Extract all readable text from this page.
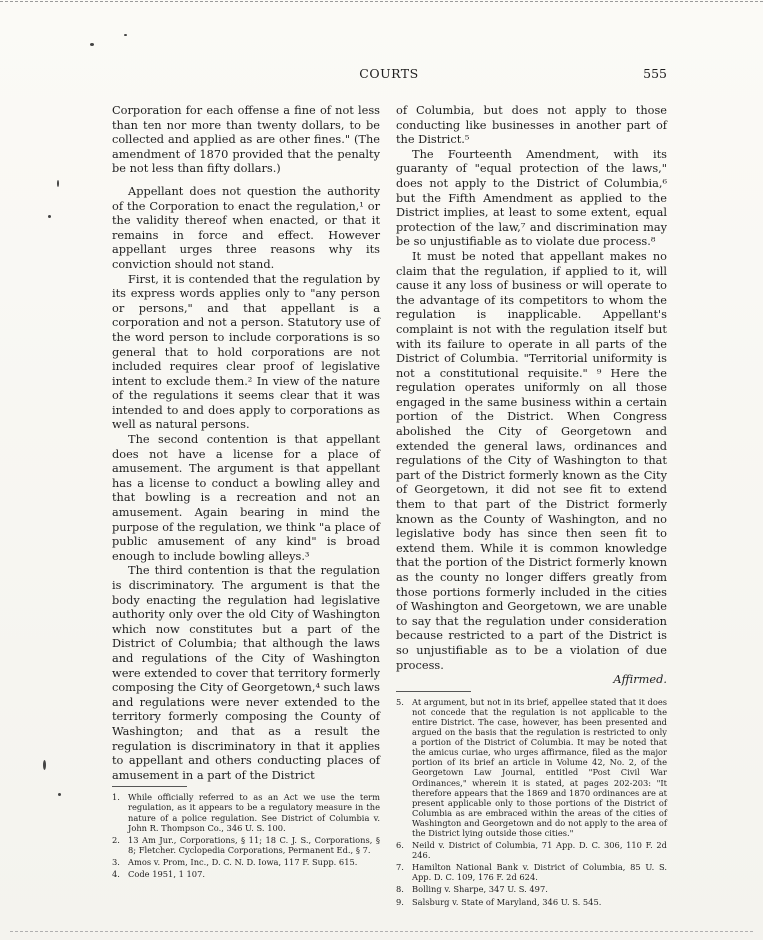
COURTS	555

Corporation for each offense a fine of not less than ten nor more than twenty dollars, to be collected and applied as are other fines." (The amendment of 1870 provided that the penalty be not less than fifty dollars.)

Appellant does not question the authority of the Corporation to enact the regulation,¹ or the validity thereof when enacted, or that it remains in force and effect. However appellant urges three reasons why its conviction should not stand.

First, it is contended that the regulation by its express words applies only to "any person or persons," and that appellant is a corporation and not a person. Statutory use of the word person to include corporations is so general that to hold corporations are not included requires clear proof of legislative intent to exclude them.² In view of the nature of the regulations it seems clear that it was intended to and does apply to corporations as well as natural persons.

The second contention is that appellant does not have a license for a place of amusement. The argument is that appellant has a license to conduct a bowling alley and that bowling is a recreation and not an amusement. Again bearing in mind the purpose of the regulation, we think "a place of public amusement of any kind" is broad enough to include bowling alleys.³

The third contention is that the regulation is discriminatory. The argument is that the body enacting the regulation had legislative authority only over the old City of Washington which now constitutes but a part of the District of Columbia; that although the laws and regulations of the City of Washington were extended to cover that territory formerly composing the City of Georgetown,⁴ such laws and regulations were never extended to the territory formerly composing the County of Washington; and that as a result the regulation is discriminatory in that it applies to appellant and others conducting places of amusement in a part of the District

1. While officially referred to as an Act we use the term regulation, as it appears to be a regulatory measure in the nature of a police regulation. See District of Columbia v. John R. Thompson Co., 346 U. S. 100.
2. 13 Am Jur., Corporations, § 11; 18 C. J. S., Corporations, § 8; Fletcher. Cyclopedia Corporations, Permanent Ed., § 7.
3. Amos v. Prom, Inc., D. C. N. D. Iowa, 117 F. Supp. 615.
4. Code 1951, 1 107.

of Columbia, but does not apply to those conducting like businesses in another part of the District.⁵

The Fourteenth Amendment, with its guaranty of "equal protection of the laws," does not apply to the District of Columbia,⁶ but the Fifth Amendment as applied to the District implies, at least to some extent, equal protection of the law,⁷ and discrimination may be so unjustifiable as to violate due process.⁸

It must be noted that appellant makes no claim that the regulation, if applied to it, will cause it any loss of business or will operate to the advantage of its competitors to whom the regulation is inapplicable. Appellant's complaint is not with the regulation itself but with its failure to operate in all parts of the District of Columbia. "Territorial uniformity is not a constitutional requisite." ⁹ Here the regulation operates uniformly on all those engaged in the same business within a certain portion of the District. When Congress abolished the City of Georgetown and extended the general laws, ordinances and regulations of the City of Washington to that part of the District formerly known as the City of Georgetown, it did not see fit to extend them to that part of the District formerly known as the County of Washington, and no legislative body has since then seen fit to extend them. While it is common knowledge that the portion of the District formerly known as the county no longer differs greatly from those portions formerly included in the cities of Washington and Georgetown, we are unable to say that the regulation under consideration because restricted to a part of the District is so unjustifiable as to be a violation of due process.

Affirmed.

5. At argument, but not in its brief, appellee stated that it does not concede that the regulation is not applicable to the entire District. The case, however, has been presented and argued on the basis that the regulation is restricted to only a portion of the District of Columbia. It may be noted that the amicus curiae, who urges affirmance, filed as the major portion of its brief an article in Volume 42, No. 2, of the Georgetown Law Journal, entitled "Post Civil War Ordinances," wherein it is stated, at pages 202-203: "It therefore appears that the 1869 and 1870 ordinances are at present applicable only to those portions of the District of Columbia as are embraced within the areas of the cities of Washington and Georgetown and do not apply to the area of the District lying outside those cities."
6. Neild v. District of Columbia, 71 App. D. C. 306, 110 F. 2d 246.
7. Hamilton National Bank v. District of Columbia, 85 U. S. App. D. C. 109, 176 F. 2d 624.
8. Bolling v. Sharpe, 347 U. S. 497.
9. Salsburg v. State of Maryland, 346 U. S. 545.
